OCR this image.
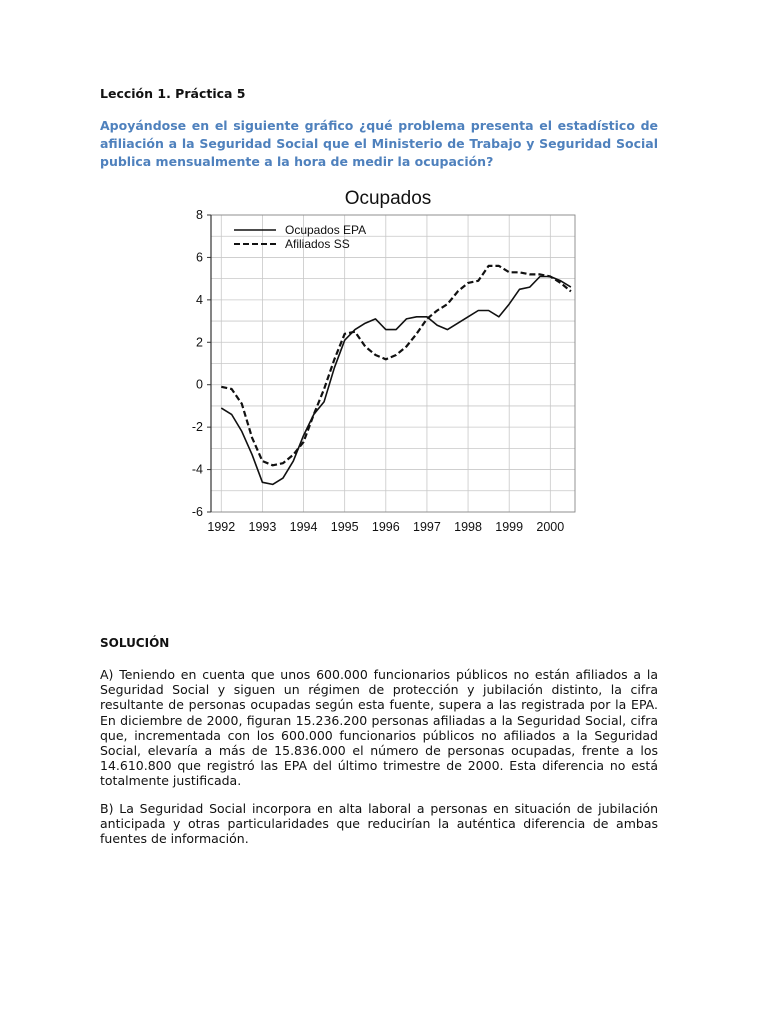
Lección 1. Práctica 5
Apoyándose en el siguiente gráfico ¿qué problema presenta el estadístico de afiliación a la Seguridad Social que el Ministerio de Trabajo y Seguridad Social publica mensualmente a la hora de medir la ocupación?
Ocupados
8
6
4
2
0
-2
-4
-6
1992 1993 1994 1995 1996 1997 1998 1999 2000
Ocupados EPA
Afiliados SS
SOLUCIÓN
A) Teniendo en cuenta que unos 600.000 funcionarios públicos no están afiliados a la Seguridad Social y siguen un régimen de protección y jubilación distinto, la cifra resultante de personas ocupadas según esta fuente, supera a las registrada por la EPA. En diciembre de 2000, figuran 15.236.200 personas afiliadas a la Seguridad Social, cifra que, incrementada con los 600.000 funcionarios públicos no afiliados a la Seguridad Social, elevaría a más de 15.836.000 el número de personas ocupadas, frente a los 14.610.800 que registró las EPA del último trimestre de 2000. Esta diferencia no está totalmente justificada.
B) La Seguridad Social incorpora en alta laboral a personas en situación de jubilación anticipada y otras particularidades que reducirían la auténtica diferencia de ambas fuentes de información.
